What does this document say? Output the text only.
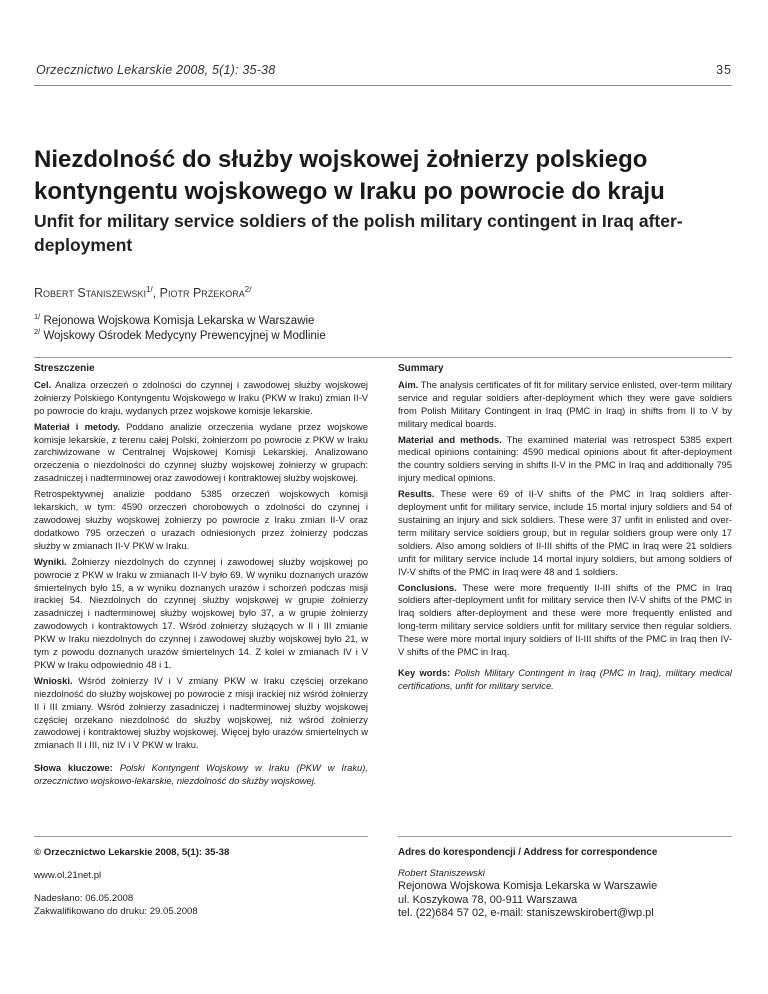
Orzecznictwo Lekarskie 2008, 5(1): 35-38	35
Niezdolność do służby wojskowej żołnierzy polskiego kontyngentu wojskowego w Iraku po powrocie do kraju
Unfit for military service soldiers of the polish military contingent in Iraq after-deployment
Robert Staniszewski$^{1/}$, Piotr Przekora$^{2/}$
$^{1/}$ Rejonowa Wojskowa Komisja Lekarska w Warszawie
$^{2/}$ Wojskowy Ośrodek Medycyny Prewencyjnej w Modlinie

Streszczenie

Cel. Analiza orzeczeń o zdolności do czynnej i zawodowej służby wojskowej żołnierzy Polskiego Kontyngentu Wojskowego w Iraku (PKW w Iraku) zmian II-V po powrocie do kraju, wydanych przez wojskowe komisje lekarskie.

Materiał i metody. Poddano analizie orzeczenia wydane przez wojskowe komisje lekarskie, z terenu całej Polski, żołnierzom po powrocie z PKW w Iraku zarchiwizowane w Centralnej Wojskowej Komisji Lekarskiej. Analizowano orzeczenia o niezdolności do czynnej służby wojskowej żołnierzy w grupach: zasadniczej i nadterminowej oraz zawodowej i kontraktowej służby wojskowej.

Retrospektywnej analizie poddano 5385 orzeczeń wojskowych komisji lekarskich, w tym: 4590 orzeczeń chorobowych o zdolności do czynnej i zawodowej służby wojskowej żołnierzy po powrocie z Iraku zmian II-V oraz dodatkowo 795 orzeczeń o urazach odniesionych przez żołnierzy podczas służby w zmianach II-V PKW w Iraku.

Wyniki. Żołnierzy niezdolnych do czynnej i zawodowej służby wojskowej po powrocie z PKW w Iraku w zmianach II-V było 69. W wyniku doznanych urazów śmiertelnych było 15, a w wyniku doznanych urazów i schorzeń podczas misji irackiej 54. Niezdolnych do czynnej służby wojskowej w grupie żołnierzy zasadniczej i nadterminowej służby wojskowej było 37, a w grupie żołnierzy zawodowych i kontraktowych 17. Wśród żołnierzy służących w II i III zmianie PKW w Iraku niezdolnych do czynnej i zawodowej służby wojskowej było 21, w tym z powodu doznanych urazów śmiertelnych 14. Z kolei w zmianach IV i V PKW w Iraku odpowiednio 48 i 1.

Wnioski. Wśród żołnierzy IV i V zmiany PKW w Iraku częściej orzekano niezdolność do służby wojskowej po powrocie z misji irackiej niż wśród żołnierzy II i III zmiany. Wśród żołnierzy zasadniczej i nadterminowej służby wojskowej częściej orzekano niezdolność do służby wojskowej, niż wśród żołnierzy zawodowej i kontraktowej służby wojskowej. Więcej było urazów śmiertelnych w zmianach II i III, niż IV i V PKW w Iraku.

Słowa kluczowe: Polski Kontyngent Wojskowy w Iraku (PKW w Iraku), orzecznictwo wojskowo-lekarskie, niezdolność do służby wojskowej.

Summary

Aim. The analysis certificates of fit for military service enlisted, over-term military service and regular soldiers after-deployment which they were gave soldiers from Polish Military Contingent in Iraq (PMC in Iraq) in shifts from II to V by military medical boards.

Material and methods. The examined material was retrospect 5385 expert medical opinions containing: 4590 medical opinions about fit after-deployment the country soldiers serving in shifts II-V in the PMC in Iraq and additionally 795 injury medical opinions.

Results. These were 69 of II-V shifts of the PMC in Iraq soldiers after-deployment unfit for military service, include 15 mortal injury soldiers and 54 of sustaining an injury and sick soldiers. These were 37 unfit in enlisted and over-term military service soldiers group, but in regular soldiers group were only 17 soldiers. Also among soldiers of II-III shifts of the PMC in Iraq were 21 soldiers unfit for military service include 14 mortal injury soldiers, but among soldiers of IV-V shifts of the PMC in Iraq were 48 and 1 soldiers.

Conclusions. These were more frequently II-III shifts of the PMC in Iraq soldiers after-deployment unfit for military service then IV-V shifts of the PMC in Iraq soldiers after-deployment and these were more frequently enlisted and long-term military service soldiers unfit for military service then regular soldiers. These were more mortal injury soldiers of II-III shifts of the PMC in Iraq then IV-V shifts of the PMC in Iraq.

Key words: Polish Military Contingent in Iraq (PMC in Iraq), military medical certifications, unfit for military service.

© Orzecznictwo Lekarskie 2008, 5(1): 35-38
www.ol.21net.pl
Nadesłano: 06.05.2008
Zakwalifikowano do druku: 29.05.2008
Adres do korespondencji / Address for correspondence
Robert Staniszewski
Rejonowa Wojskowa Komisja Lekarska w Warszawie
ul. Koszykowa 78, 00-911 Warszawa
tel. (22)684 57 02, e-mail: staniszewskirobert@wp.pl
